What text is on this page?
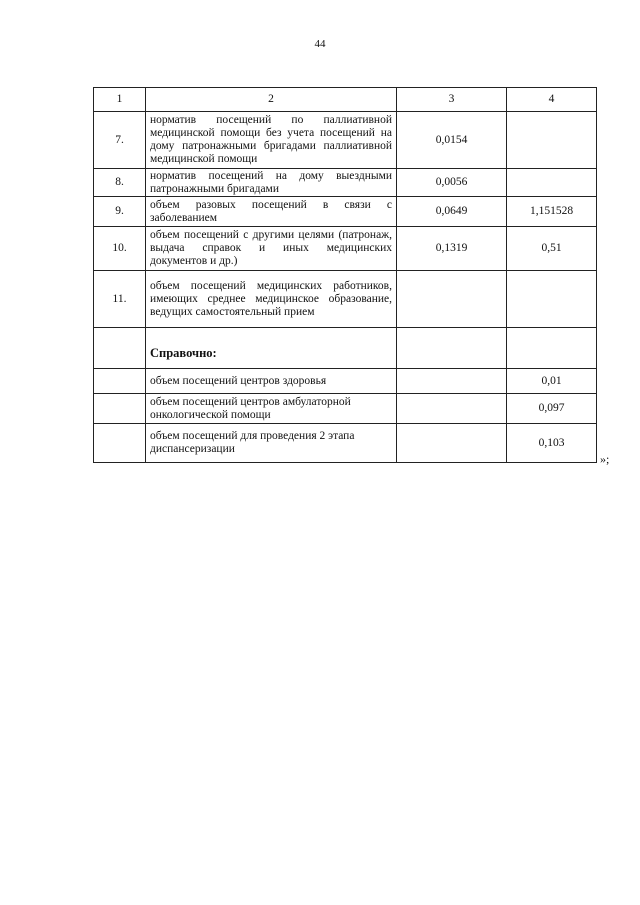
44
1	2	3	4
7.	норматив посещений по паллиативной медицинской помощи без учета посещений на дому патронажными бригадами паллиативной медицинской помощи	0,0154	
8.	норматив посещений на дому выездными патронажными бригадами	0,0056	
9.	объем разовых посещений в связи с заболеванием	0,0649	1,151528
10.	объем посещений с другими целями (патронаж, выдача справок и иных медицинских документов и др.)	0,1319	0,51
11.	объем посещений медицинских работников, имеющих среднее медицинское образование, ведущих самостоятельный прием		
	Справочно:		
	объем посещений центров здоровья		0,01
	объем посещений центров амбулаторной онкологической помощи		0,097
	объем посещений для проведения 2 этапа диспансеризации		0,103
»;
